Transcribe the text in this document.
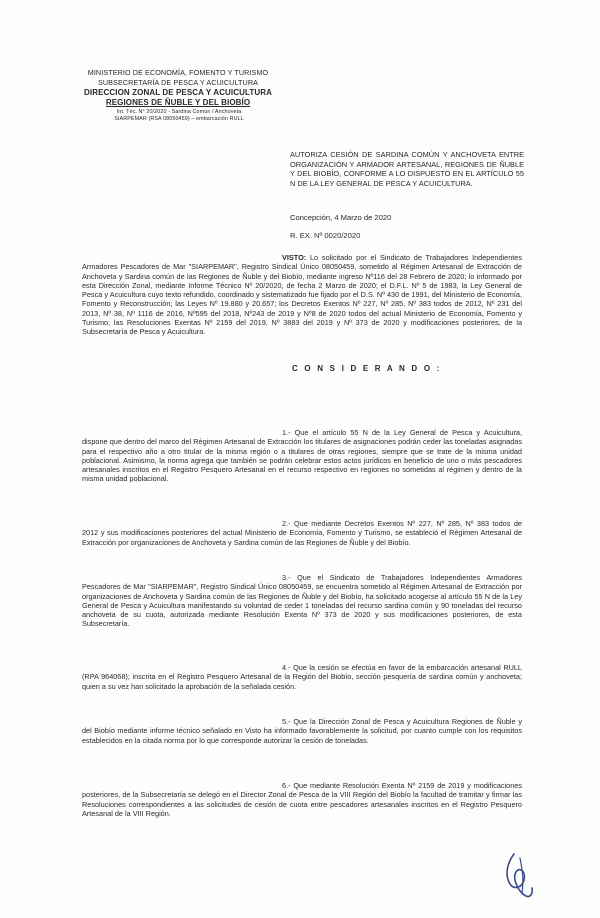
MINISTERIO DE ECONOMÍA, FOMENTO Y TURISMO
SUBSECRETARÍA DE PESCA Y ACUICULTURA
DIRECCION ZONAL DE PESCA Y ACUICULTURA
REGIONES DE ÑUBLE Y DEL BIOBÍO
Int. Téc. N° 20/2020 - Sardina Común / Anchoveta
SIARPEMAR (RSA 08050459) – embarcación RULL
AUTORIZA CESIÓN DE SARDINA COMÚN Y ANCHOVETA ENTRE ORGANIZACIÓN Y ARMADOR ARTESANAL, REGIONES DE ÑUBLE Y DEL BIOBÍO, CONFORME A LO DISPUESTO EN EL ARTÍCULO 55 N DE LA LEY GENERAL DE PESCA Y ACUICULTURA.
Concepción, 4 Marzo de 2020
R. EX. Nº 0020/2020
VISTO: Lo solicitado por el Sindicato de Trabajadores Independientes Armadores Pescadores de Mar "SIARPEMAR", Registro Sindical Único 08050459, sometido al Régimen Artesanal de Extracción de Anchoveta y Sardina común de las Regiones de Ñuble y del Biobío, mediante ingreso Nº116 del 28 Febrero de 2020; lo informado por esta Dirección Zonal, mediante Informe Técnico Nº 20/2020, de fecha 2 Marzo de 2020; el D.F.L. Nº 5 de 1983, la Ley General de Pesca y Acuicultura cuyo texto refundido, coordinado y sistematizado fue fijado por el D.S. Nº 430 de 1991, del Ministerio de Economía, Fomento y Reconstrucción; las Leyes Nº 19.880 y 20.657; los Decretos Exentos Nº 227, Nº 285, Nº 383 todos de 2012, Nº 231 del 2013, Nº 38, Nº 1116 de 2016, Nº595 del 2018, Nº243 de 2019 y Nº8 de 2020 todos del actual Ministerio de Economía, Fomento y Turismo; las Resoluciones Exentas Nº 2159 del 2019, Nº 3883 del 2019 y Nº 373 de 2020 y modificaciones posteriores, de la Subsecretaría de Pesca y Acuicultura.
C O N S I D E R A N D O :
1.- Que el artículo 55 N de la Ley General de Pesca y Acuicultura, dispone que dentro del marco del Régimen Artesanal de Extracción los titulares de asignaciones podrán ceder las toneladas asignadas para el respectivo año a otro titular de la misma región o a titulares de otras regiones, siempre que se trate de la misma unidad poblacional. Asimismo, la norma agrega que también se podrán celebrar estos actos jurídicos en beneficio de uno o más pescadores artesanales inscritos en el Registro Pesquero Artesanal en el recurso respectivo en regiones no sometidas al régimen y dentro de la misma unidad poblacional.
2.- Que mediante Decretos Exentos Nº 227, Nº 285, Nº 383 todos de 2012 y sus modificaciones posteriores del actual Ministerio de Economía, Fomento y Turismo, se estableció el Régimen Artesanal de Extracción por organizaciones de Anchoveta y Sardina común de las Regiones de Ñuble y del Biobío.
3.- Que el Sindicato de Trabajadores Independientes Armadores Pescadores de Mar "SIARPEMAR", Registro Sindical Único 08050459, se encuentra sometido al Régimen Artesanal de Extracción por organizaciones de Anchoveta y Sardina común de las Regiones de Ñuble y del Biobío, ha solicitado acogerse al artículo 55 N de la Ley General de Pesca y Acuicultura manifestando su voluntad de ceder 1 toneladas del recurso sardina común y 90 toneladas del recurso anchoveta de su cuota, autorizada mediante Resolución Exenta Nº 373 de 2020 y sus modificaciones posteriores, de esta Subsecretaría.
4.- Que la cesión se efectúa en favor de la embarcación artesanal RULL (RPA 964068); inscrita en el Registro Pesquero Artesanal de la Región del Biobío, sección pesquería de sardina común y anchoveta; quien a su vez han solicitado la aprobación de la señalada cesión.
5.- Que la Dirección Zonal de Pesca y Acuicultura Regiones de Ñuble y del Biobío mediante informe técnico señalado en Visto ha informado favorablemente la solicitud, por cuanto cumple con los requisitos establecidos en la citada norma por lo que corresponde autorizar la cesión de toneladas.
6.- Que mediante Resolución Exenta Nº 2159 de 2019 y modificaciones posteriores, de la Subsecretaría se delegó en el Director Zonal de Pesca de la VIII Región del Biobío la facultad de tramitar y firmar las Resoluciones correspondientes a las solicitudes de cesión de cuota entre pescadores artesanales inscritos en el Registro Pesquero Artesanal de la VIII Región.
